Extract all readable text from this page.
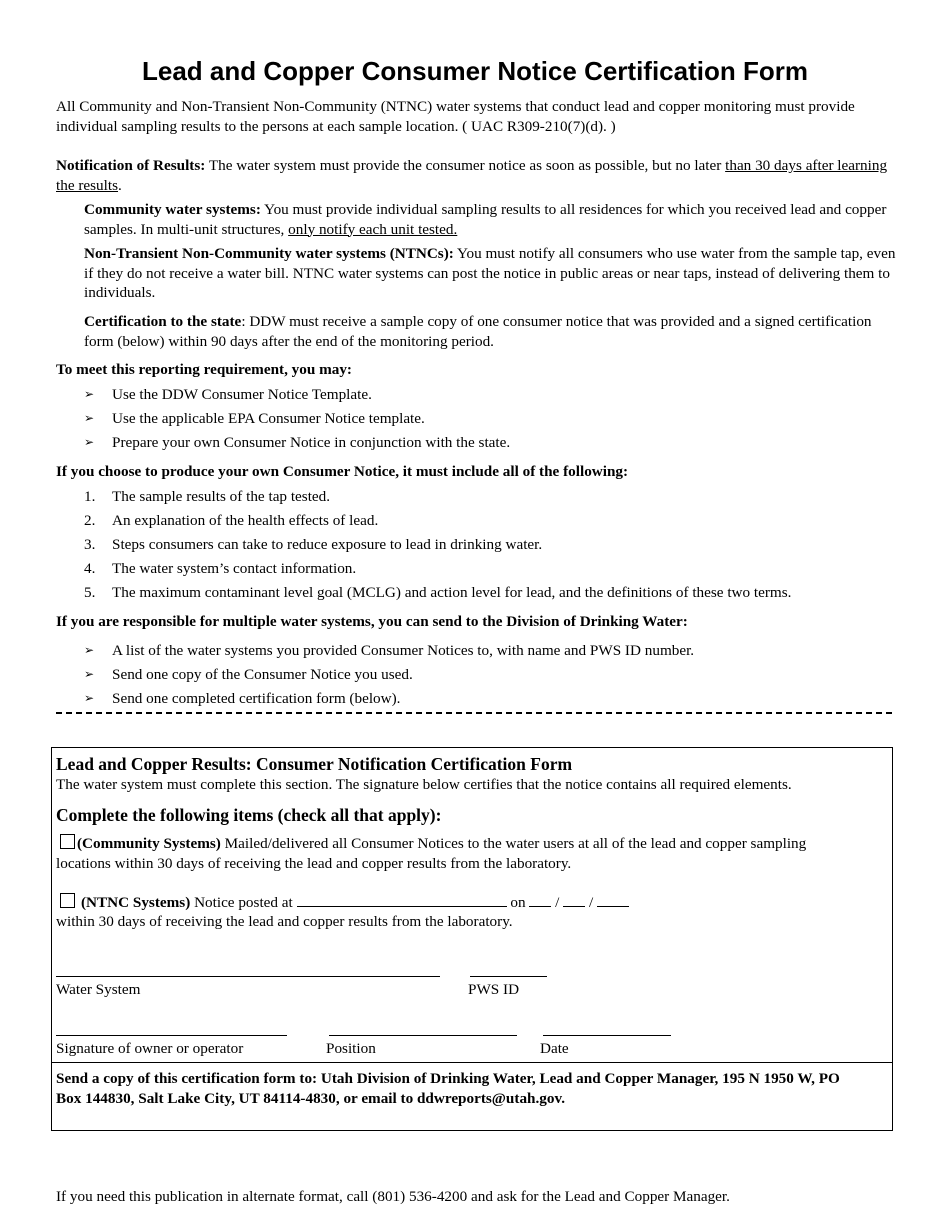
Lead and Copper Consumer Notice Certification Form

All Community and Non-Transient Non-Community (NTNC) water systems that conduct lead and copper monitoring must provide individual sampling results to the persons at each sample location. ( UAC R309-210(7)(d). )

Notification of Results: The water system must provide the consumer notice as soon as possible, but no later than 30 days after learning the results.

Community water systems: You must provide individual sampling results to all residences for which you received lead and copper samples. In multi-unit structures, only notify each unit tested.

Non-Transient Non-Community water systems (NTNCs): You must notify all consumers who use water from the sample tap, even if they do not receive a water bill. NTNC water systems can post the notice in public areas or near taps, instead of delivering them to individuals.

Certification to the state: DDW must receive a sample copy of one consumer notice that was provided and a signed certification form (below) within 90 days after the end of the monitoring period.

To meet this reporting requirement, you may:

➢	Use the DDW Consumer Notice Template.
➢	Use the applicable EPA Consumer Notice template.
➢	Prepare your own Consumer Notice in conjunction with the state.

If you choose to produce your own Consumer Notice, it must include all of the following:

1.	The sample results of the tap tested.
2.	An explanation of the health effects of lead.
3.	Steps consumers can take to reduce exposure to lead in drinking water.
4.	The water system’s contact information.
5.	The maximum contaminant level goal (MCLG) and action level for lead, and the definitions of these two terms.

If you are responsible for multiple water systems, you can send to the Division of Drinking Water:

➢	A list of the water systems you provided Consumer Notices to, with name and PWS ID number.
➢	Send one copy of the Consumer Notice you used.
➢	Send one completed certification form (below).

Lead and Copper Results: Consumer Notification Certification Form

The water system must complete this section. The signature below certifies that the notice contains all required elements.

Complete the following items (check all that apply):

(Community Systems) Mailed/delivered all Consumer Notices to the water users at all of the lead and copper sampling locations within 30 days of receiving the lead and copper results from the laboratory.

(NTNC Systems) Notice posted at	on  /  /

within 30 days of receiving the lead and copper results from the laboratory.

Water System	PWS ID

Signature of owner or operator	Position	Date

Send a copy of this certification form to: Utah Division of Drinking Water, Lead and Copper Manager, 195 N 1950 W, PO Box 144830, Salt Lake City, UT 84114-4830, or email to ddwreports@utah.gov.

If you need this publication in alternate format, call (801) 536-4200 and ask for the Lead and Copper Manager.
